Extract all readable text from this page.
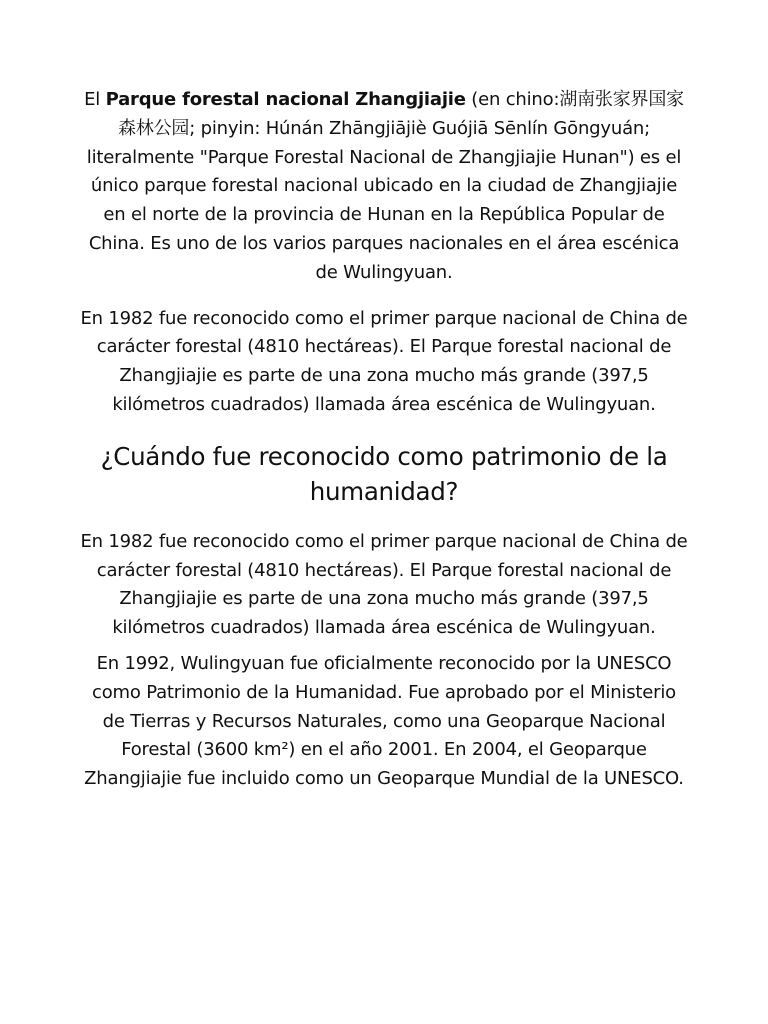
El Parque forestal nacional Zhangjiajie (en chino:湖南张家界国家森林公园; pinyin: Húnán Zhāngjiājiè Guójiā Sēnlín Gōngyuán; literalmente "Parque Forestal Nacional de Zhangjiajie Hunan") es el único parque forestal nacional ubicado en la ciudad de Zhangjiajie en el norte de la provincia de Hunan en la República Popular de China. Es uno de los varios parques nacionales en el área escénica de Wulingyuan.

En 1982 fue reconocido como el primer parque nacional de China de carácter forestal (4810 hectáreas). El Parque forestal nacional de Zhangjiajie es parte de una zona mucho más grande (397,5 kilómetros cuadrados) llamada área escénica de Wulingyuan.

¿Cuándo fue reconocido como patrimonio de la humanidad?

En 1982 fue reconocido como el primer parque nacional de China de carácter forestal (4810 hectáreas). El Parque forestal nacional de Zhangjiajie es parte de una zona mucho más grande (397,5 kilómetros cuadrados) llamada área escénica de Wulingyuan.

En 1992, Wulingyuan fue oficialmente reconocido por la UNESCO como Patrimonio de la Humanidad. Fue aprobado por el Ministerio de Tierras y Recursos Naturales, como una Geoparque Nacional Forestal (3600 km²) en el año 2001. En 2004, el Geoparque Zhangjiajie fue incluido como un Geoparque Mundial de la UNESCO.
